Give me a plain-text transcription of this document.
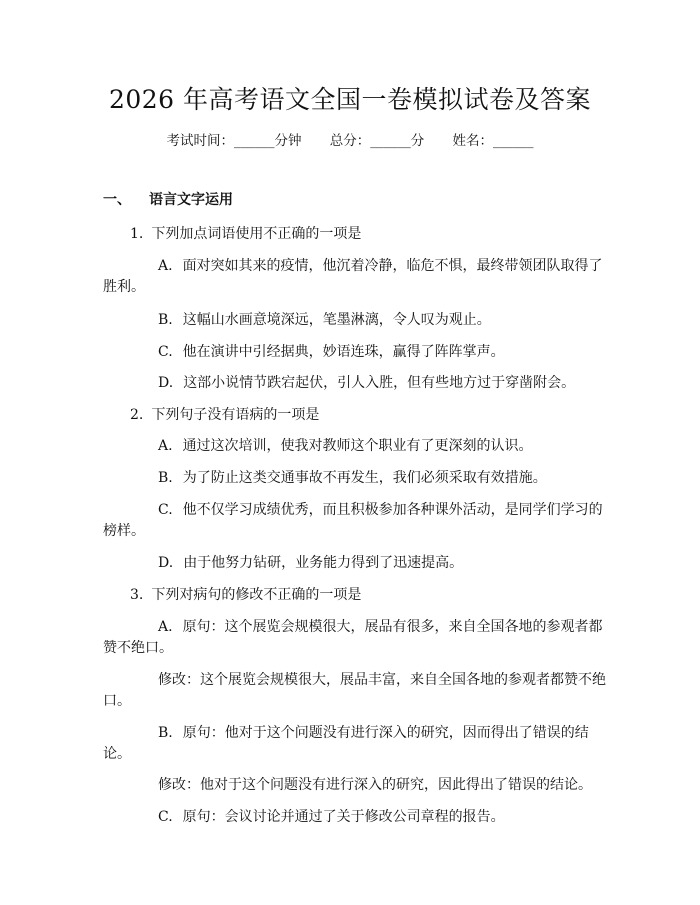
2026 年高考语文全国一卷模拟试卷及答案
考试时间：______分钟 总分：______分 姓名：______
一、 语言文字运用
1. 下列加点词语使用不正确的一项是
A. 面对突如其来的疫情，他沉着冷静，临危不惧，最终带领团队取得了
胜利。
B. 这幅山水画意境深远，笔墨淋漓，令人叹为观止。
C. 他在演讲中引经据典，妙语连珠，赢得了阵阵掌声。
D. 这部小说情节跌宕起伏，引人入胜，但有些地方过于穿凿附会。
2. 下列句子没有语病的一项是
A. 通过这次培训，使我对教师这个职业有了更深刻的认识。
B. 为了防止这类交通事故不再发生，我们必须采取有效措施。
C. 他不仅学习成绩优秀，而且积极参加各种课外活动，是同学们学习的
榜样。
D. 由于他努力钻研，业务能力得到了迅速提高。
3. 下列对病句的修改不正确的一项是
A. 原句：这个展览会规模很大，展品有很多，来自全国各地的参观者都
赞不绝口。
修改：这个展览会规模很大，展品丰富，来自全国各地的参观者都赞不绝
口。
B. 原句：他对于这个问题没有进行深入的研究，因而得出了错误的结
论。
修改：他对于这个问题没有进行深入的研究，因此得出了错误的结论。
C. 原句：会议讨论并通过了关于修改公司章程的报告。
